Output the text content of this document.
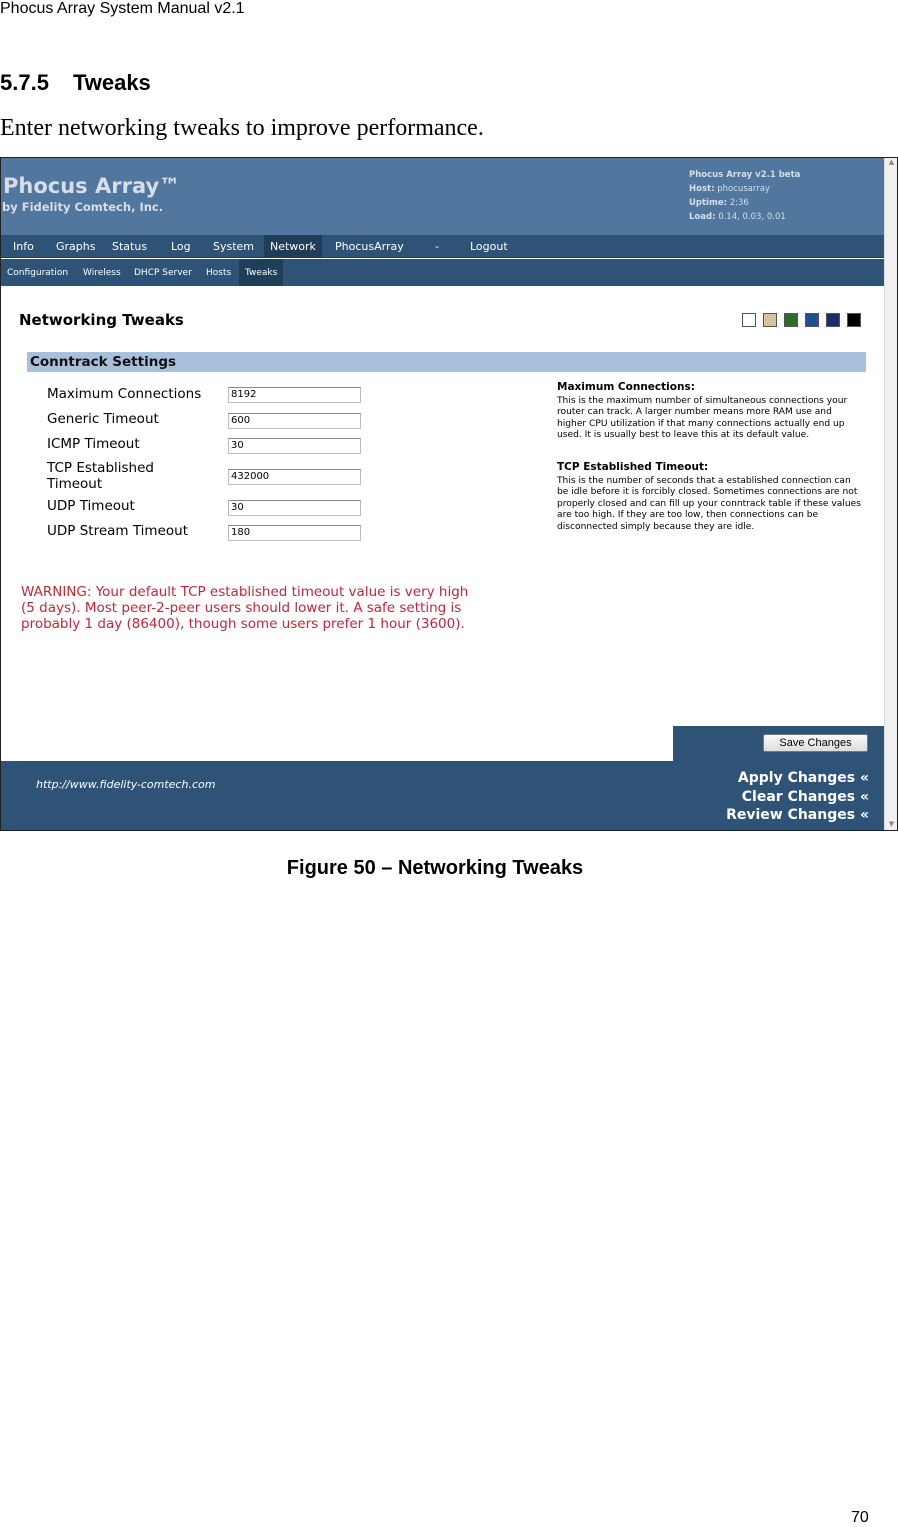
Phocus Array System Manual v2.1
5.7.5 Tweaks
Enter networking tweaks to improve performance.
Phocus Array™
by Fidelity Comtech, Inc.
Phocus Array v2.1 beta
Host: phocusarray
Uptime: 2:36
Load: 0.14, 0.03, 0.01
Info	Graphs	Status	Log	System	Network	PhocusArray	-	Logout
Configuration	Wireless	DHCP Server	Hosts	Tweaks
▲
▼
Networking Tweaks
Conntrack Settings
Maximum Connections	8192
Generic Timeout	600
ICMP Timeout	30
TCP Established Timeout	432000
UDP Timeout	30
UDP Stream Timeout	180
Maximum Connections:

This is the maximum number of simultaneous connections your router can track. A larger number means more RAM use and higher CPU utilization if that many connections actually end up used. It is usually best to leave this at its default value.

TCP Established Timeout:

This is the number of seconds that a established connection can be idle before it is forcibly closed. Sometimes connections are not properly closed and can fill up your conntrack table if these values are too high. If they are too low, then connections can be disconnected simply because they are idle.

WARNING: Your default TCP established timeout value is very high (5 days). Most peer-2-peer users should lower it. A safe setting is probably 1 day (86400), though some users prefer 1 hour (3600).
Save Changes
http://www.fidelity-comtech.com	Apply Changes «
Clear Changes «
Review Changes «
Figure 50 – Networking Tweaks
70
